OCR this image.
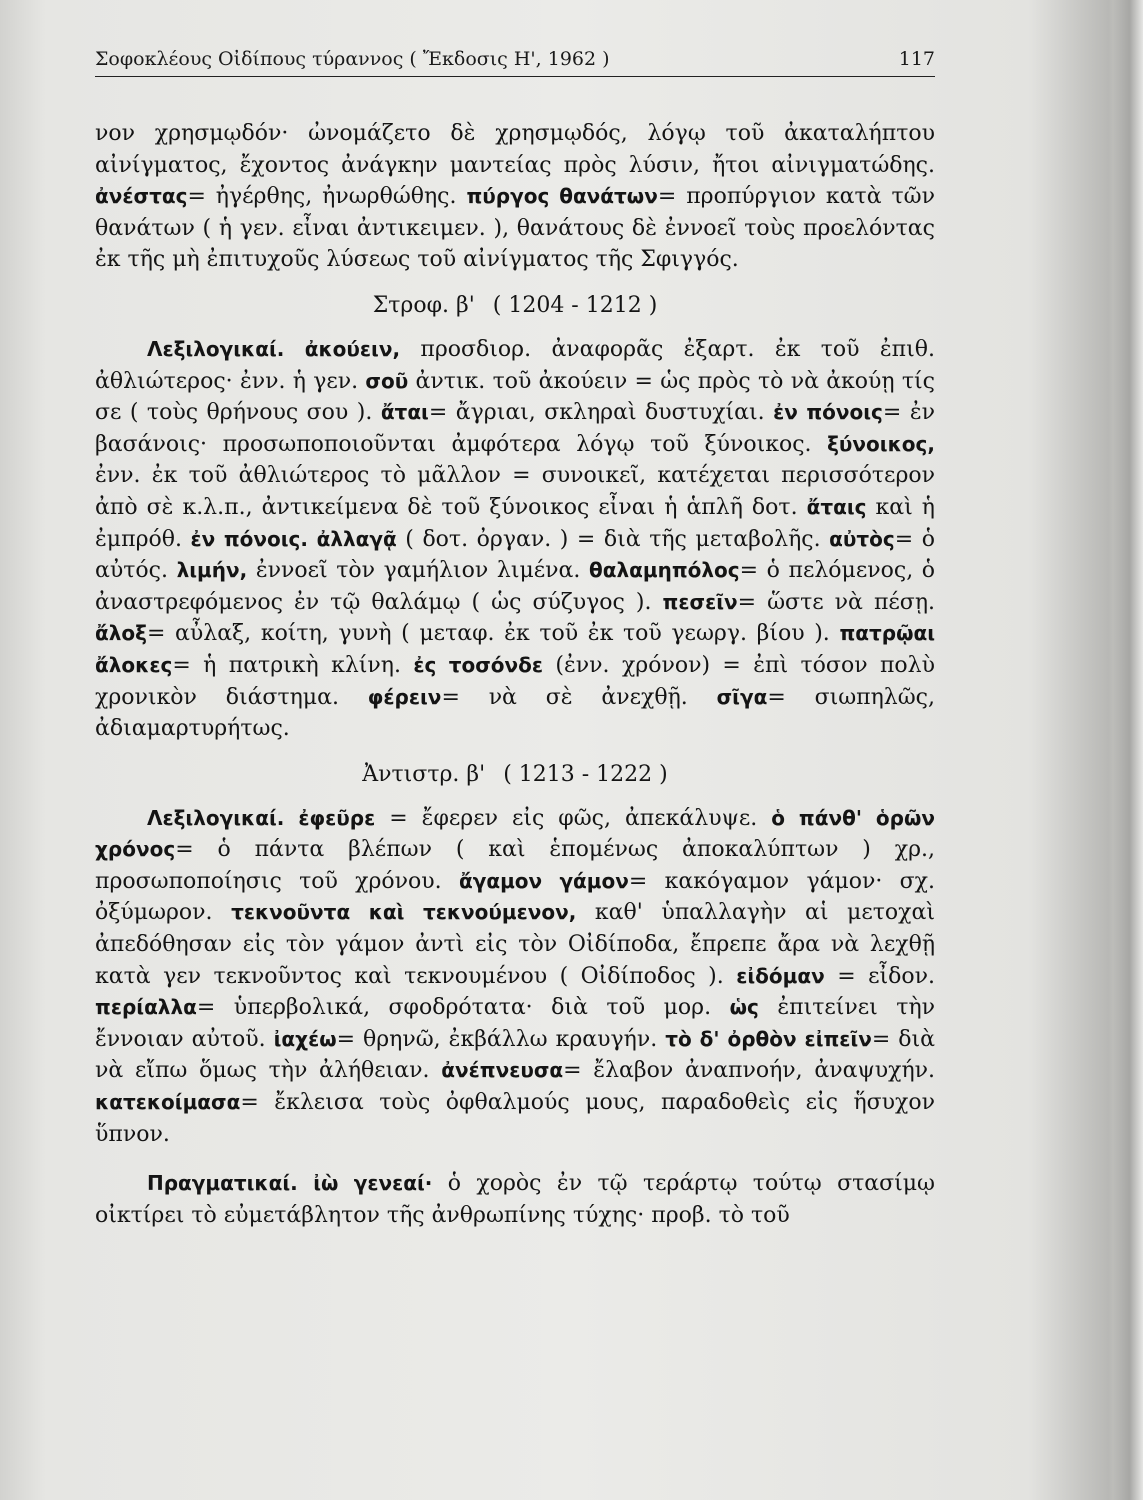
Σοφοκλέους Οἰδίπους τύραννος ( Ἔκδοσις Η', 1962 )	117

νον χρησμῳδόν· ὠνομάζετο δὲ χρησμῳδός, λόγῳ τοῦ ἀκαταλήπτου αἰνίγματος, ἔχοντος ἀνάγκην μαντείας πρὸς λύσιν, ἤτοι αἰνιγματώδης. ἀνέστας= ἠγέρθης, ἠνωρθώθης. πύργος θανάτων= προπύργιον κατὰ τῶν θανάτων ( ἡ γεν. εἶναι ἀντικειμεν. ), θανάτους δὲ ἐννοεῖ τοὺς προελόντας ἐκ τῆς μὴ ἐπιτυχοῦς λύσεως τοῦ αἰνίγματος τῆς Σφιγγός.

Στροφ. β' ( 1204 - 1212 )

Λεξιλογικαί. ἀκούειν, προσδιορ. ἀναφορᾶς ἐξαρτ. ἐκ τοῦ ἐπιθ. ἀθλιώτερος· ἐνν. ἡ γεν. σοῦ ἀντικ. τοῦ ἀκούειν = ὡς πρὸς τὸ νὰ ἀκούῃ τίς σε ( τοὺς θρήνους σου ). ἄται= ἄγριαι, σκληραὶ δυστυχίαι. ἐν πόνοις= ἐν βασάνοις· προσωποποιοῦνται ἀμφότερα λόγῳ τοῦ ξύνοικος. ξύνοικος, ἐνν. ἐκ τοῦ ἀθλιώτερος τὸ μᾶλλον = συνοικεῖ, κατέχεται περισσότερον ἀπὸ σὲ κ.λ.π., ἀντικείμενα δὲ τοῦ ξύνοικος εἶναι ἡ ἁπλῆ δοτ. ἄταις καὶ ἡ ἐμπρόθ. ἐν πόνοις. ἀλλαγᾷ ( δοτ. ὀργαν. ) = διὰ τῆς μεταβολῆς. αὐτὸς= ὁ αὐτός. λιμήν, ἐννοεῖ τὸν γαμήλιον λιμένα. θαλαμηπόλος= ὁ πελόμενος, ὁ ἀναστρεφόμενος ἐν τῷ θαλάμῳ ( ὡς σύζυγος ). πεσεῖν= ὥστε νὰ πέσῃ. ἄλοξ= αὖλαξ, κοίτη, γυνὴ ( μεταφ. ἐκ τοῦ ἐκ τοῦ γεωργ. βίου ). πατρῷαι ἄλοκες= ἡ πατρικὴ κλίνη. ἐς τοσόνδε (ἐνν. χρόνον) = ἐπὶ τόσον πολὺ χρονικὸν διάστημα. φέρειν= νὰ σὲ ἀνεχθῇ. σῖγα= σιωπηλῶς, ἀδιαμαρτυρήτως.

Ἀντιστρ. β' ( 1213 - 1222 )

Λεξιλογικαί. ἐφεῦρε = ἔφερεν εἰς φῶς, ἀπεκάλυψε. ὁ πάνθ' ὁρῶν χρόνος= ὁ πάντα βλέπων ( καὶ ἑπομένως ἀποκαλύπτων ) χρ., προσωποποίησις τοῦ χρόνου. ἄγαμον γάμον= κακόγαμον γάμον· σχ. ὀξύμωρον. τεκνοῦντα καὶ τεκνούμενον, καθ' ὑπαλλαγὴν αἱ μετοχαὶ ἀπεδόθησαν εἰς τὸν γάμον ἀντὶ εἰς τὸν Οἰδίποδα, ἔπρεπε ἄρα νὰ λεχθῇ κατὰ γεν τεκνοῦντος καὶ τεκνουμένου ( Οἰδίποδος ). εἰδόμαν = εἶδον. περίαλλα= ὑπερβολικά, σφοδρότατα· διὰ τοῦ μορ. ὡς ἐπιτείνει τὴν ἔννοιαν αὐτοῦ. ἰαχέω= θρηνῶ, ἐκβάλλω κραυγήν. τὸ δ' ὀρθὸν εἰπεῖν= διὰ νὰ εἴπω ὅμως τὴν ἀλήθειαν. ἀνέπνευσα= ἔλαβον ἀναπνοήν, ἀναψυχήν. κατεκοίμασα= ἔκλεισα τοὺς ὀφθαλμούς μους, παραδοθεὶς εἰς ἥσυχον ὕπνον.

Πραγματικαί. ἰὼ γενεαί· ὁ χορὸς ἐν τῷ τεράρτῳ τούτῳ στασίμῳ οἰκτίρει τὸ εὐμετάβλητον τῆς ἀνθρωπίνης τύχης· προβ. τὸ τοῦ
